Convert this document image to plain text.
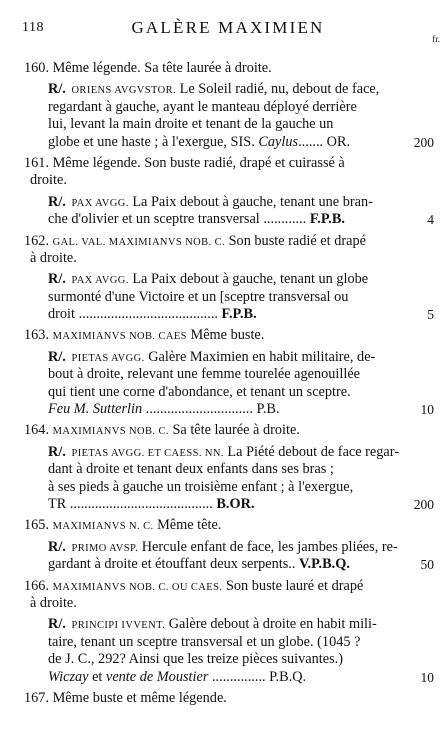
118	GALÈRE MAXIMIEN
fr.
160. Même légende. Sa tête laurée à droite.
R/. ORIENS AVGVSTOR. Le Soleil radié, nu, debout de face,
regardant à gauche, ayant le manteau déployé derrière
lui, levant la main droite et tenant de la gauche un
globe et une haste ; à l'exergue, SIS. Caylus....... OR.	200
161. Même légende. Son buste radié, drapé et cuirassé à
droite.
R/. PAX AVGG. La Paix debout à gauche, tenant une bran-
che d'olivier et un sceptre transversal ............ F.P.B.	4
162. GAL. VAL. MAXIMIANVS NOB. C. Son buste radié et drapé
à droite.
R/. PAX AVGG. La Paix debout à gauche, tenant un globe
surmonté d'une Victoire et un [sceptre transversal ou
droit ....................................... F.P.B.	5
163. MAXIMIANVS NOB. CAES Même buste.
R/. PIETAS AVGG. Galère Maximien en habit militaire, de-
bout à droite, relevant une femme tourelée agenouillée
qui tient une corne d'abondance, et tenant un sceptre.
Feu M. Sutterlin .............................. P.B.	10
164. MAXIMIANVS NOB. C. Sa tête laurée à droite.
R/. PIETAS AVGG. ET CAESS. NN. La Piété debout de face regar-
dant à droite et tenant deux enfants dans ses bras ;
à ses pieds à gauche un troisième enfant ; à l'exergue,
TR ........................................ B.OR.	200
165. MAXIMIANVS N. C. Même tête.
R/. PRIMO AVSP. Hercule enfant de face, les jambes pliées, re-
gardant à droite et étouffant deux serpents.. V.P.B.Q.	50
166. MAXIMIANVS NOB. C. OU CAES. Son buste lauré et drapé
à droite.
R/. PRINCIPI IVVENT. Galère debout à droite en habit mili-
taire, tenant un sceptre transversal et un globe. (1045 ?
de J. C., 292? Ainsi que les treize pièces suivantes.)
Wiczay et vente de Moustier ............... P.B.Q.	10
167. Même buste et même légende.
